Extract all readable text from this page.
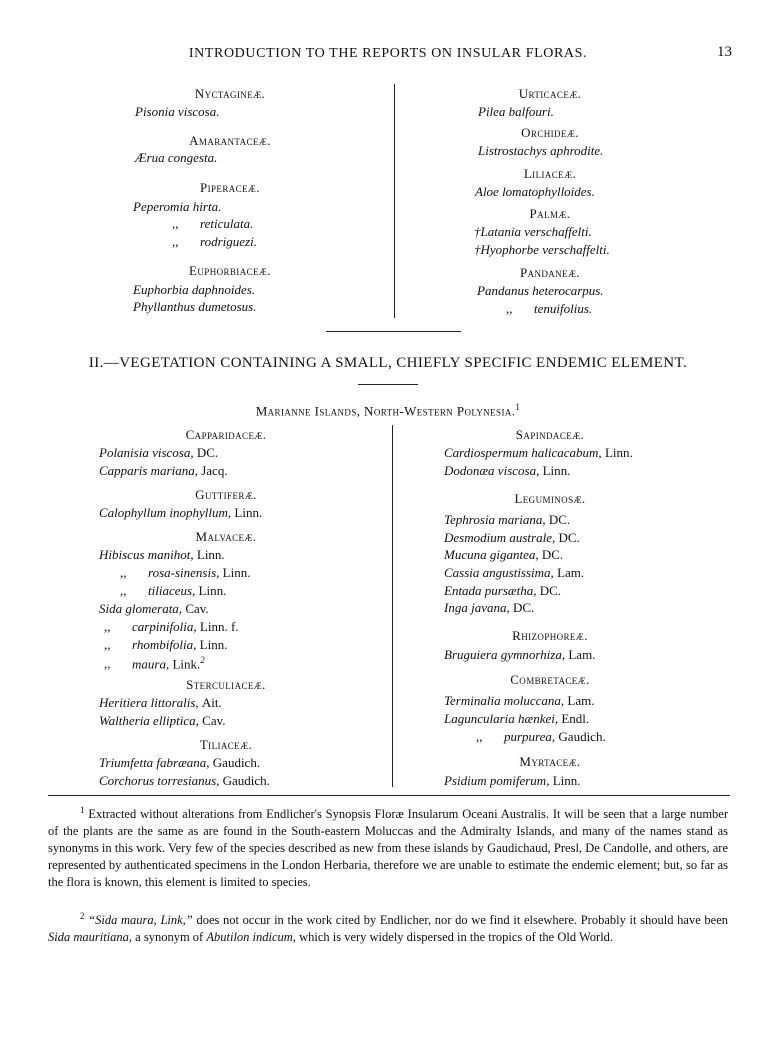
INTRODUCTION TO THE REPORTS ON INSULAR FLORAS.	13
Nyctagineæ.
Pisonia viscosa.
Amarantaceæ.
Ærua congesta.
Piperaceæ.
Peperomia hirta.
,, reticulata.
,, rodriguezi.
Euphorbiaceæ.
Euphorbia daphnoides.
Phyllanthus dumetosus.
Urticaceæ.
Pilea balfouri.
Orchideæ.
Listrostachys aphrodite.
Liliaceæ.
Aloe lomatophylloides.
Palmæ.
†Latania verschaffelti.
†Hyophorbe verschaffelti.
Pandaneæ.
Pandanus heterocarpus.
,, tenuifolius.
II.—VEGETATION CONTAINING A SMALL, CHIEFLY SPECIFIC ENDEMIC ELEMENT.
Marianne Islands, North-Western Polynesia.$^1$
Capparidaceæ.
Polanisia viscosa, DC.
Capparis mariana, Jacq.
Guttiferæ.
Calophyllum inophyllum, Linn.
Malvaceæ.
Hibiscus manihot, Linn.
,, rosa-sinensis, Linn.
,, tiliaceus, Linn.
Sida glomerata, Cav.
,, carpinifolia, Linn. f.
,, rhombifolia, Linn.
,, maura, Link.$^2$
Sterculiaceæ.
Heritiera littoralis, Ait.
Waltheria elliptica, Cav.
Tiliaceæ.
Triumfetta fabræana, Gaudich.
Corchorus torresianus, Gaudich.
Sapindaceæ.
Cardiospermum halicacabum, Linn.
Dodonæa viscosa, Linn.
Leguminosæ.
Tephrosia mariana, DC.
Desmodium australe, DC.
Mucuna gigantea, DC.
Cassia angustissima, Lam.
Entada pursætha, DC.
Inga javana, DC.
Rhizophoreæ.
Bruguiera gymnorhiza, Lam.
Combretaceæ.
Terminalia moluccana, Lam.
Laguncularia hænkei, Endl.
,, purpurea, Gaudich.
Myrtaceæ.
Psidium pomiferum, Linn.
$^1$ Extracted without alterations from Endlicher's Synopsis Floræ Insularum Oceani Australis. It will be seen that a large number of the plants are the same as are found in the South-eastern Moluccas and the Admiralty Islands, and many of the names stand as synonyms in this work. Very few of the species described as new from these islands by Gaudichaud, Presl, De Candolle, and others, are represented by authenticated specimens in the London Herbaria, therefore we are unable to estimate the endemic element; but, so far as the flora is known, this element is limited to species.
$^2$ “Sida maura, Link,” does not occur in the work cited by Endlicher, nor do we find it elsewhere. Probably it should have been Sida mauritiana, a synonym of Abutilon indicum, which is very widely dispersed in the tropics of the Old World.
